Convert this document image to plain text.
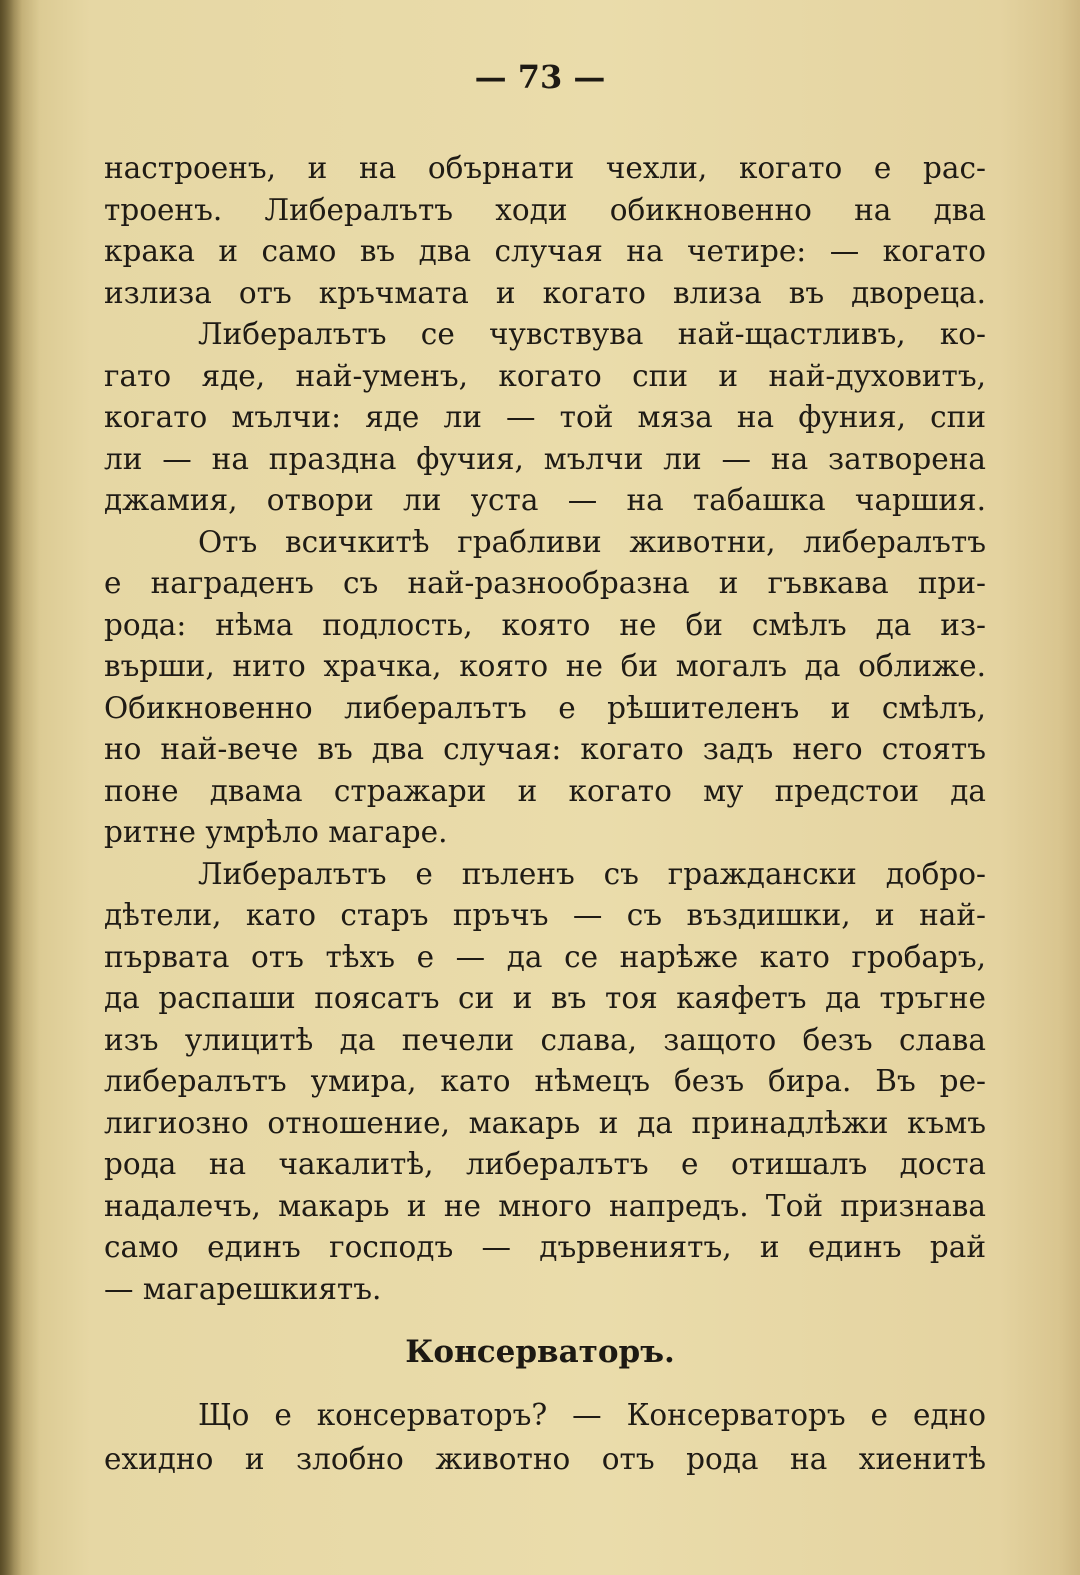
— 73 —
настроенъ, и на обърнати чехли, когато е рас-
троенъ. Либералътъ ходи обикновенно на два
крака и само въ два случая на четире: — когато
излиза отъ кръчмата и когато влиза въ двореца.
Либералътъ се чувствува най-щастливъ, ко-
гато яде, най-уменъ, когато спи и най-духовитъ,
когато мълчи: яде ли — той мяза на фуния, спи
ли — на праздна фучия, мълчи ли — на затворена
джамия, отвори ли уста — на табашка чаршия.
Отъ всичкитѣ грабливи животни, либералътъ
е награденъ съ най-разнообразна и гъвкава при-
рода: нѣма подлость, която не би смѣлъ да из-
върши, нито храчка, която не би могалъ да оближе.
Обикновенно либералътъ е рѣшителенъ и смѣлъ,
но най-вече въ два случая: когато задъ него стоятъ
поне двама стражари и когато му предстои да
ритне умрѣло магаре.
Либералътъ е пъленъ съ граждански добро-
дѣтели, като старъ пръчъ — съ въздишки, и най-
първата отъ тѣхъ е — да се нарѣже като гробаръ,
да распаши поясатъ си и въ тоя каяфетъ да тръгне
изъ улицитѣ да печели слава, защото безъ слава
либералътъ умира, като нѣмецъ безъ бира. Въ ре-
лигиозно отношение, макарь и да принадлѣжи къмъ
рода на чакалитѣ, либералътъ е отишалъ доста
надалечъ, макарь и не много напредъ. Той признава
само единъ господъ — дървениятъ, и единъ рай
— магарешкиятъ.
Консерваторъ.
Що е консерваторъ? — Консерваторъ е едно
ехидно и злобно животно отъ рода на хиенитѣ
